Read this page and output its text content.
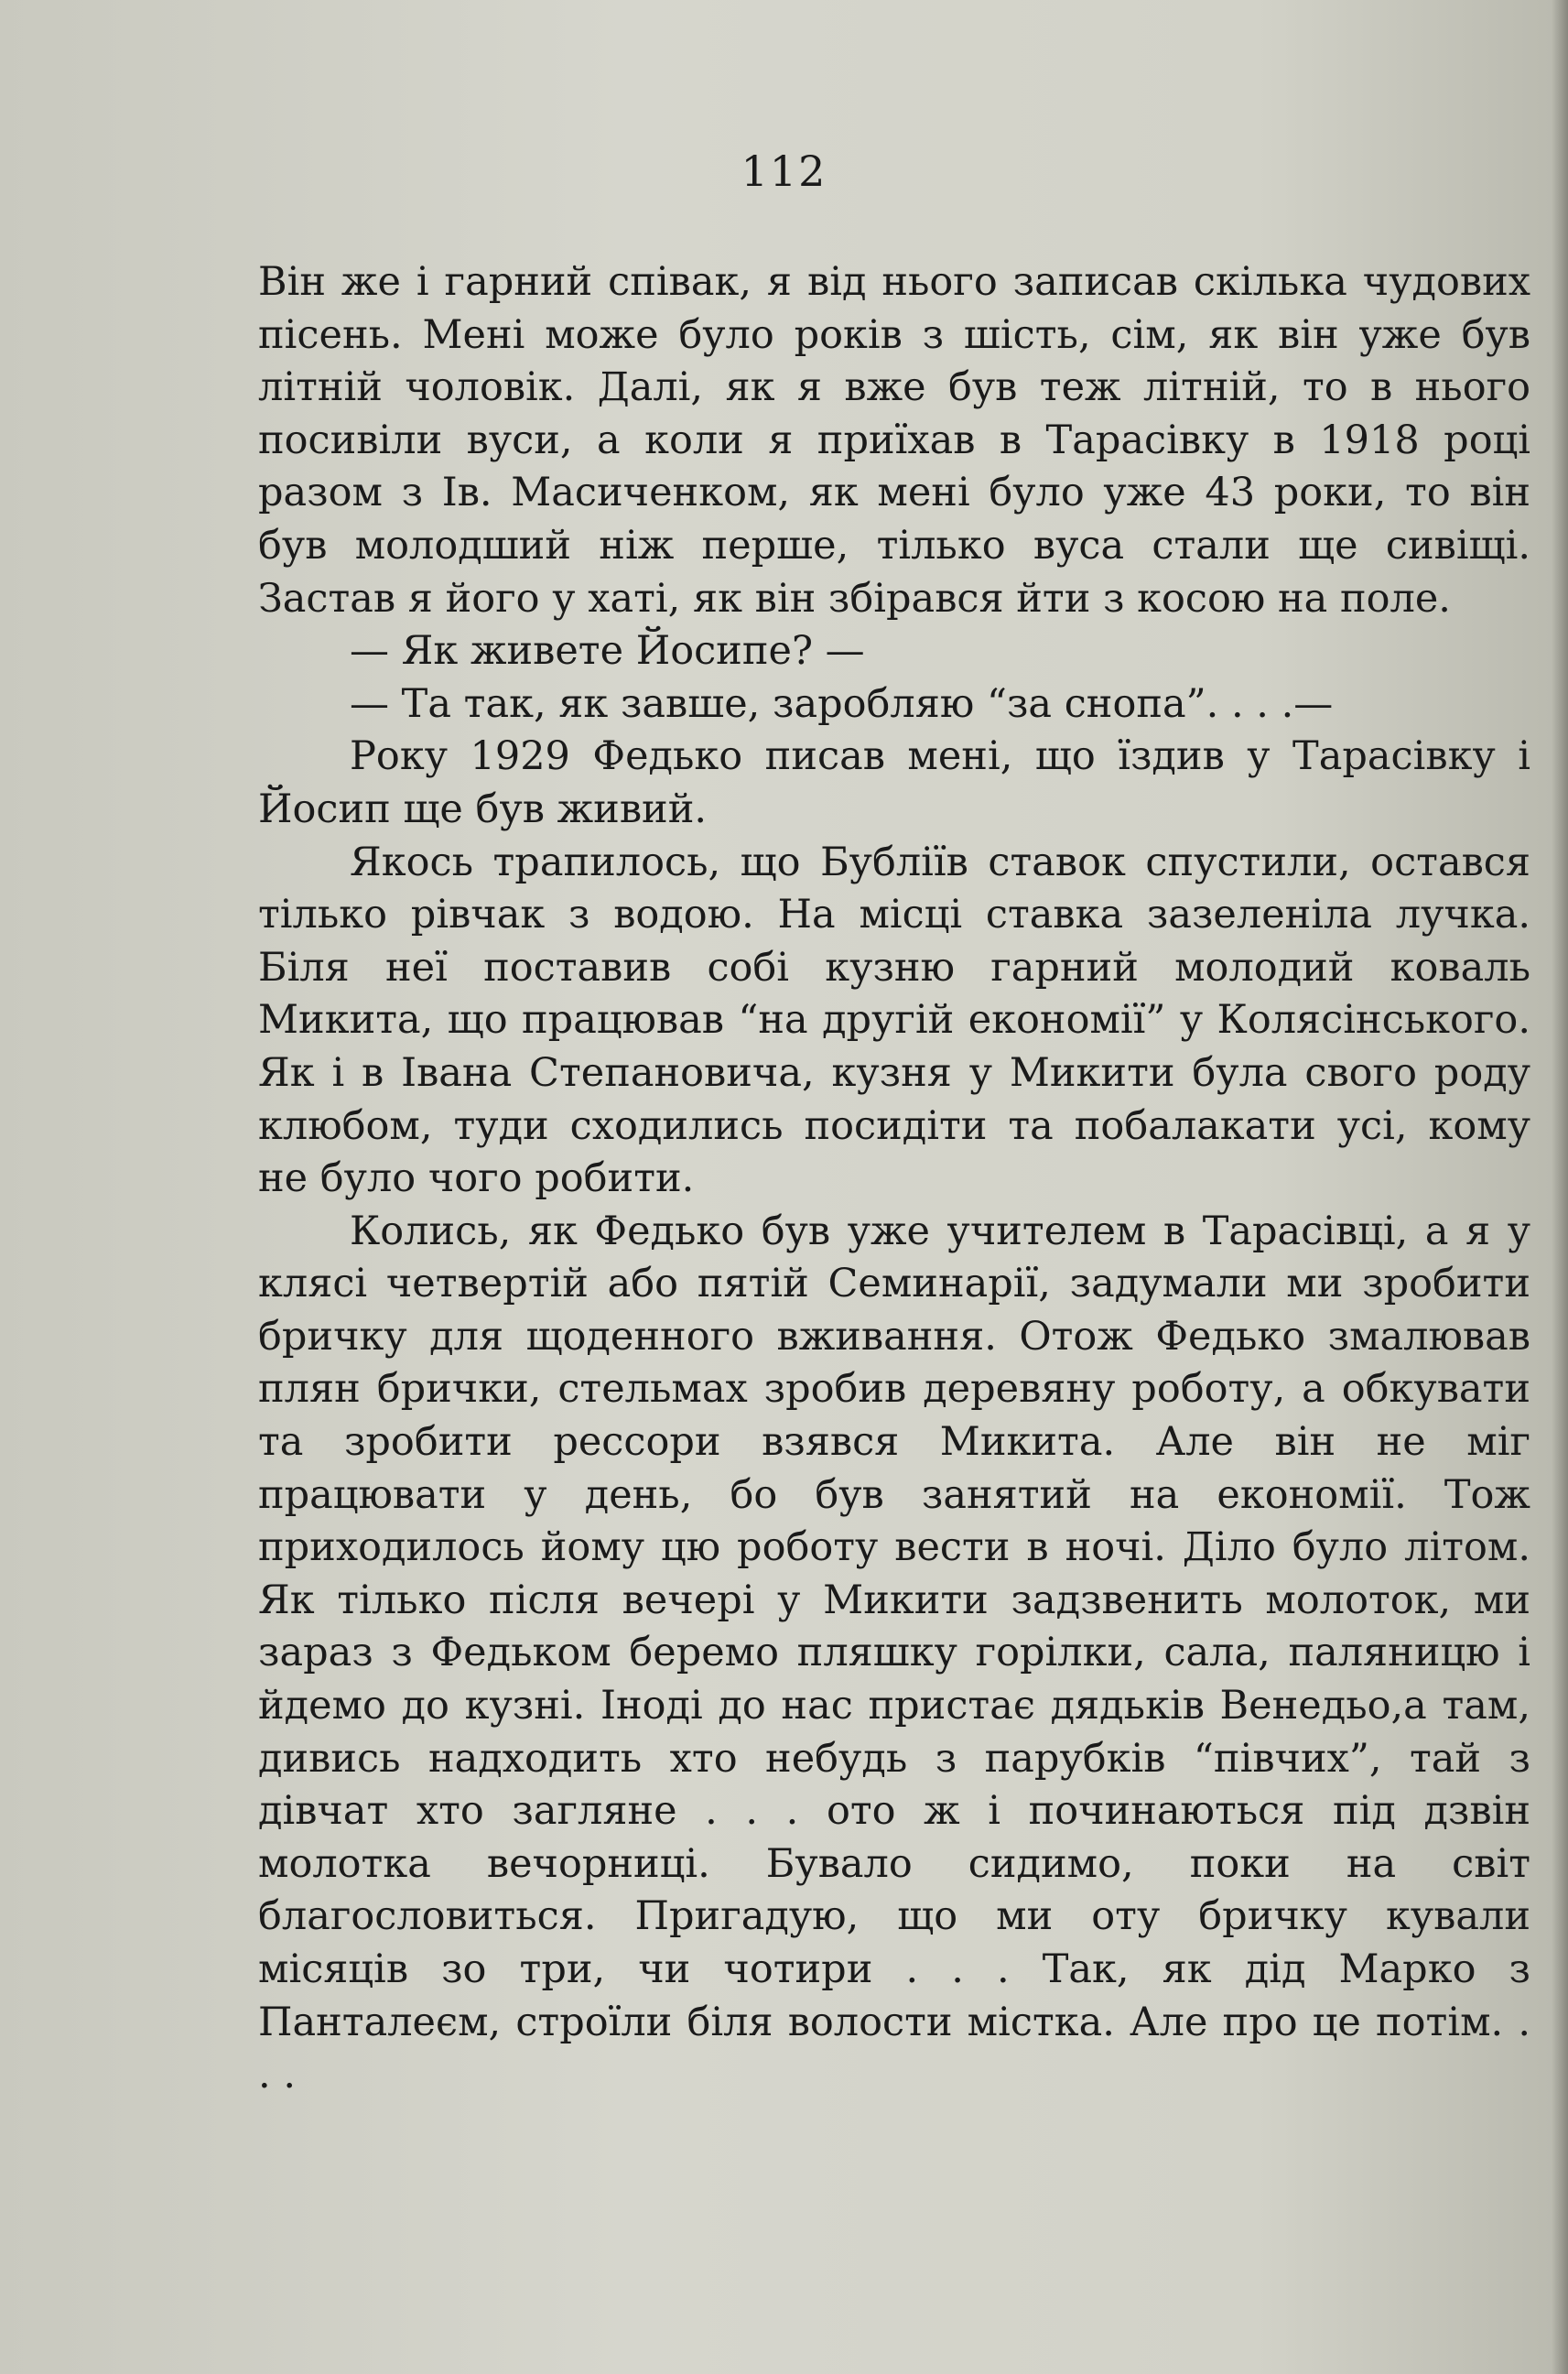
112

Він же і гарний співак, я від нього записав скілька чудових пісень. Мені може було років з шість, сім, як він уже був літній чоловік. Далі, як я вже був теж літній, то в нього посивіли вуси, а коли я приїхав в Тарасівку в 1918 році разом з Ів. Масиченком, як мені було уже 43 роки, то він був молодший ніж перше, тілько вуса стали ще сивіщі. Застав я його у хаті, як він збірався йти з косою на поле.

— Як живете Йосипе? —

— Та так, як завше, заробляю “за снопа”. . . .—

Року 1929 Федько писав мені, що їздив у Тарасівку і Йосип ще був живий.

Якось трапилось, що Бубліїв ставок спустили, остався тілько рівчак з водою. На місці ставка зазеленіла лучка. Біля неї поставив собі кузню гарний молодий коваль Микита, що працював “на другій економії” у Колясінського. Як і в Івана Степановича, кузня у Микити була свого роду клюбом, туди сходились посидіти та побалакати усі, кому не було чого робити.

Колись, як Федько був уже учителем в Тарасівці, а я у клясі четвертій або пятій Семинарії, задумали ми зробити бричку для щоденного вживання. Отож Федько змалював плян брички, стельмах зробив деревяну роботу, а обкувати та зробити рессори взявся Микита. Але він не міг працювати у день, бо був занятий на економії. Тож приходилось йому цю роботу вести в ночі. Діло було літом. Як тілько після вечері у Микити задзвенить молоток, ми зараз з Федьком беремо пляшку горілки, сала, паляницю і йдемо до кузні. Іноді до нас пристає дядьків Венедьо,а там, дивись надходить хто небудь з парубків “півчих”, тай з дівчат хто заглянe . . . ото ж і починаються під дзвін молотка вечорниці. Бувало сидимо, поки на світ благословиться. Пригадую, що ми оту бричку кували місяців зо три, чи чотири . . . Так, як дід Марко з Панталеєм, строїли біля волости містка. Але про це потім. . . .
